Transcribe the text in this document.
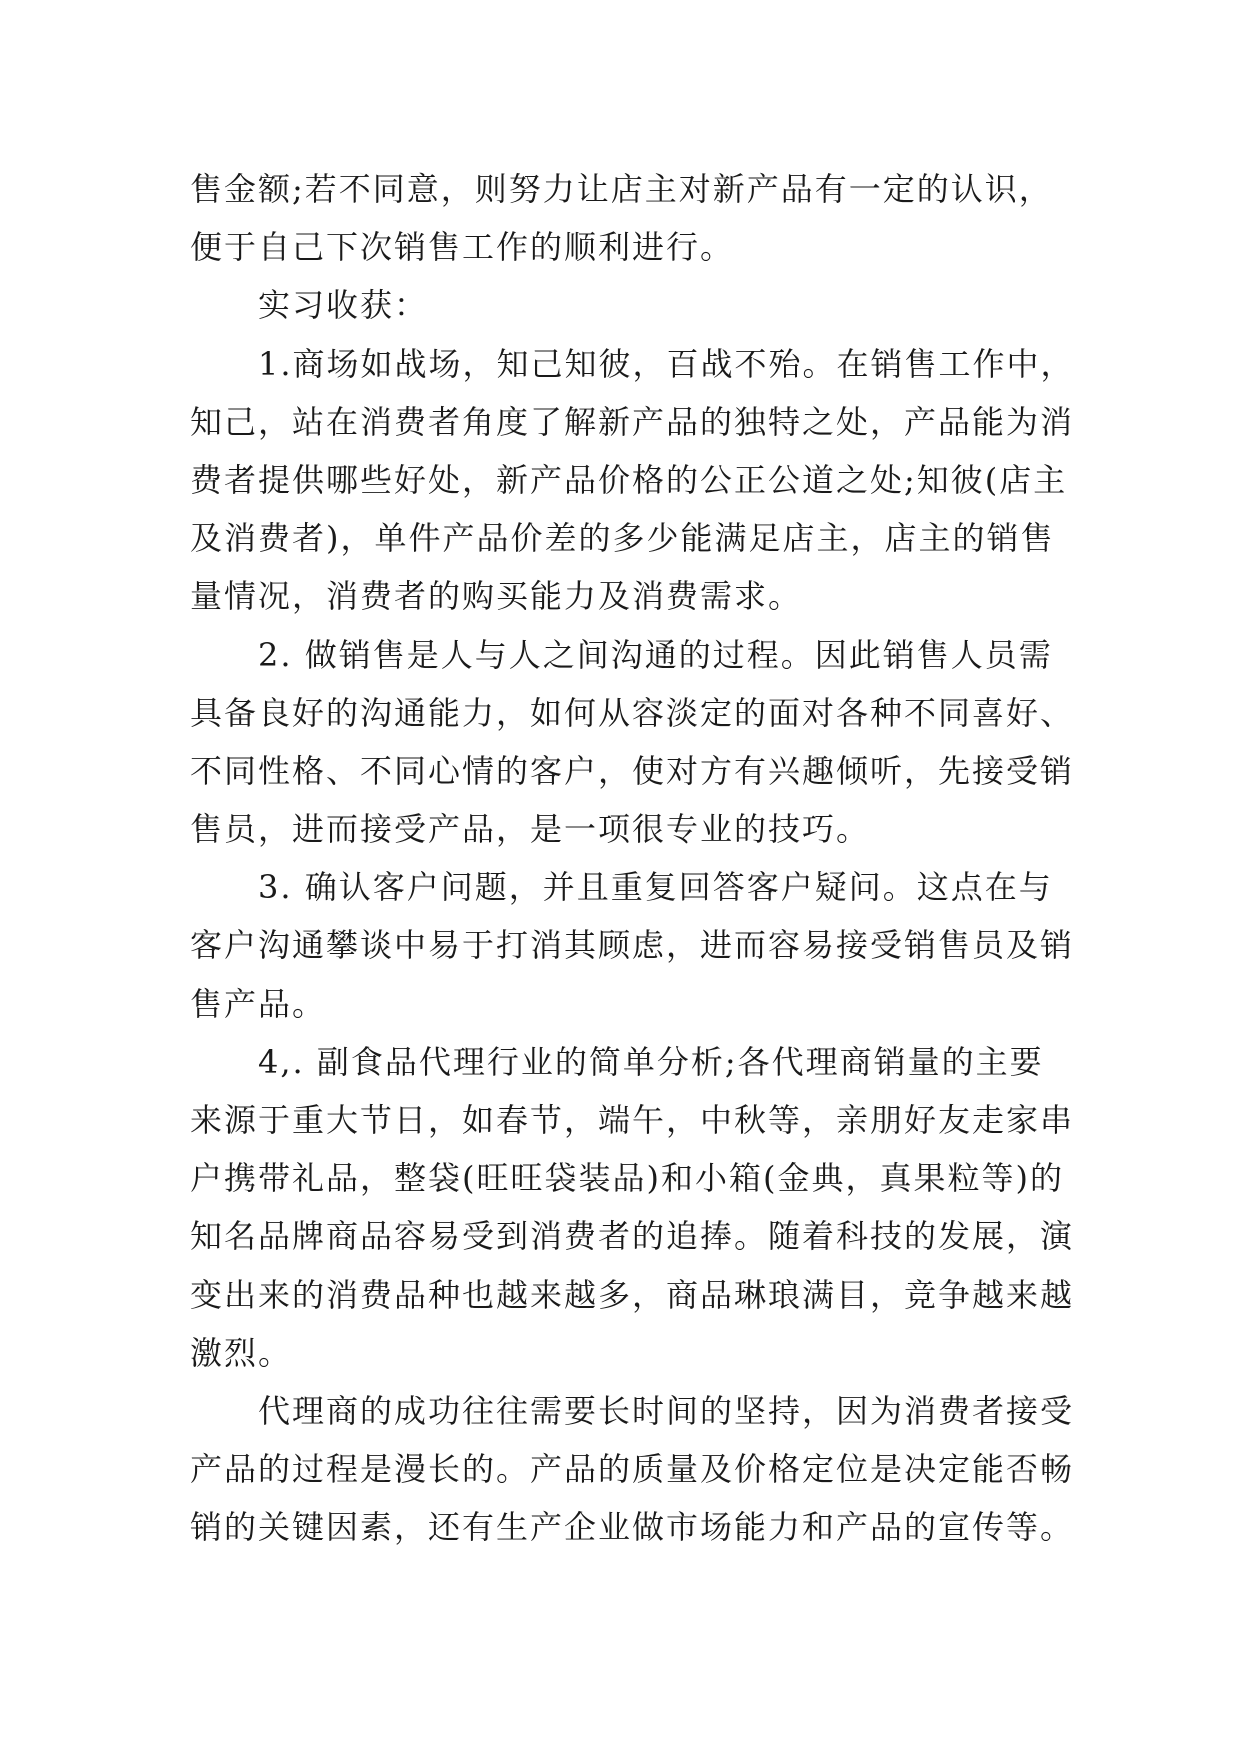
售金额;若不同意，则努力让店主对新产品有一定的认识，
便于自己下次销售工作的顺利进行。
　　实习收获：
　　1.商场如战场，知己知彼，百战不殆。在销售工作中，
知己，站在消费者角度了解新产品的独特之处，产品能为消
费者提供哪些好处，新产品价格的公正公道之处;知彼(店主
及消费者)，单件产品价差的多少能满足店主，店主的销售
量情况，消费者的购买能力及消费需求。
　　2. 做销售是人与人之间沟通的过程。因此销售人员需
具备良好的沟通能力，如何从容淡定的面对各种不同喜好、
不同性格、不同心情的客户，使对方有兴趣倾听，先接受销
售员，进而接受产品，是一项很专业的技巧。
　　3. 确认客户问题，并且重复回答客户疑问。这点在与
客户沟通攀谈中易于打消其顾虑，进而容易接受销售员及销
售产品。
　　4,. 副食品代理行业的简单分析;各代理商销量的主要
来源于重大节日，如春节，端午，中秋等，亲朋好友走家串
户携带礼品，整袋(旺旺袋装品)和小箱(金典，真果粒等)的
知名品牌商品容易受到消费者的追捧。随着科技的发展，演
变出来的消费品种也越来越多，商品琳琅满目，竞争越来越
激烈。
　　代理商的成功往往需要长时间的坚持，因为消费者接受
产品的过程是漫长的。产品的质量及价格定位是决定能否畅
销的关键因素，还有生产企业做市场能力和产品的宣传等。
